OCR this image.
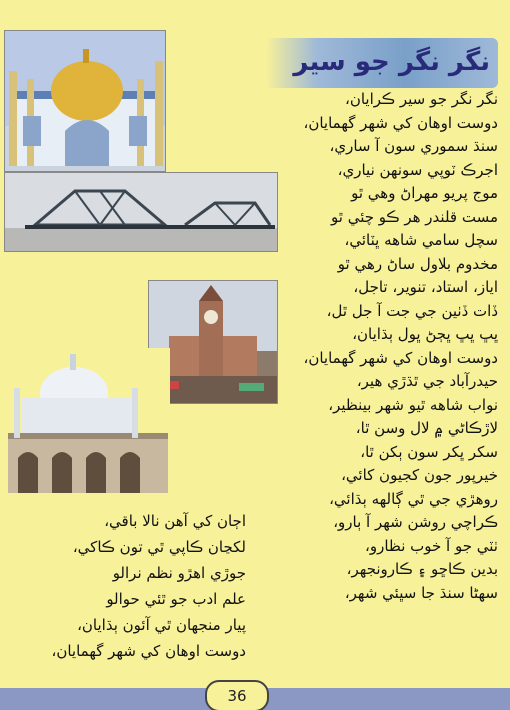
نگر نگر جو سير
نگر نگر جو سير ڪرايان،
دوست اوهان کي شهر گهمايان،
سنڌ سموري سون آ ساري،
اجرڪ ٽوپي سونهن نياري،
موج پريو مهراڻ وهي ٿو
مست قلندر هر ڪو چئي ٿو
سچل سامي شاهه ڀٽائي،
مخدوم بلاول ساڻ رهي ٿو
اياز، استاد، تنوير، تاجل،
ڏات ڏٺين جي جت آ جل ٿل،
ڀڀ ڀڀ ڀڄڻ ڀول ٻڌايان،
دوست اوهان کي شهر گهمايان،
حيدرآباد جي ٿڌڙي هير،
نواب شاهه ٿيو شهر بينظير،
لاڙڪاڻي ۾ لال وسن ٿا،
سکر ڀکر سون ٻکن ٿا،
خيرپور جون کجيون کائي،
روهڙي جي ٿي ڳالهه ٻڌائي،
ڪراچي روشن شهر آ ٻارو،
ٺٽي جو آ خوب نظارو،
بدين ڪاڇو ۽ ڪارونجهر،
سهڻا سنڌ جا سڀئي شهر،
اڄان کي آهن نالا باقي،
لکڃان ڪاپي ٿي تون ڪاکي،
جوڙي اهڙو نظم نرالو
علم ادب جو ٿئي حوالو
پيار منجهان ٿي آئون ٻڌايان،
دوست اوهان کي شهر گهمايان،
36
